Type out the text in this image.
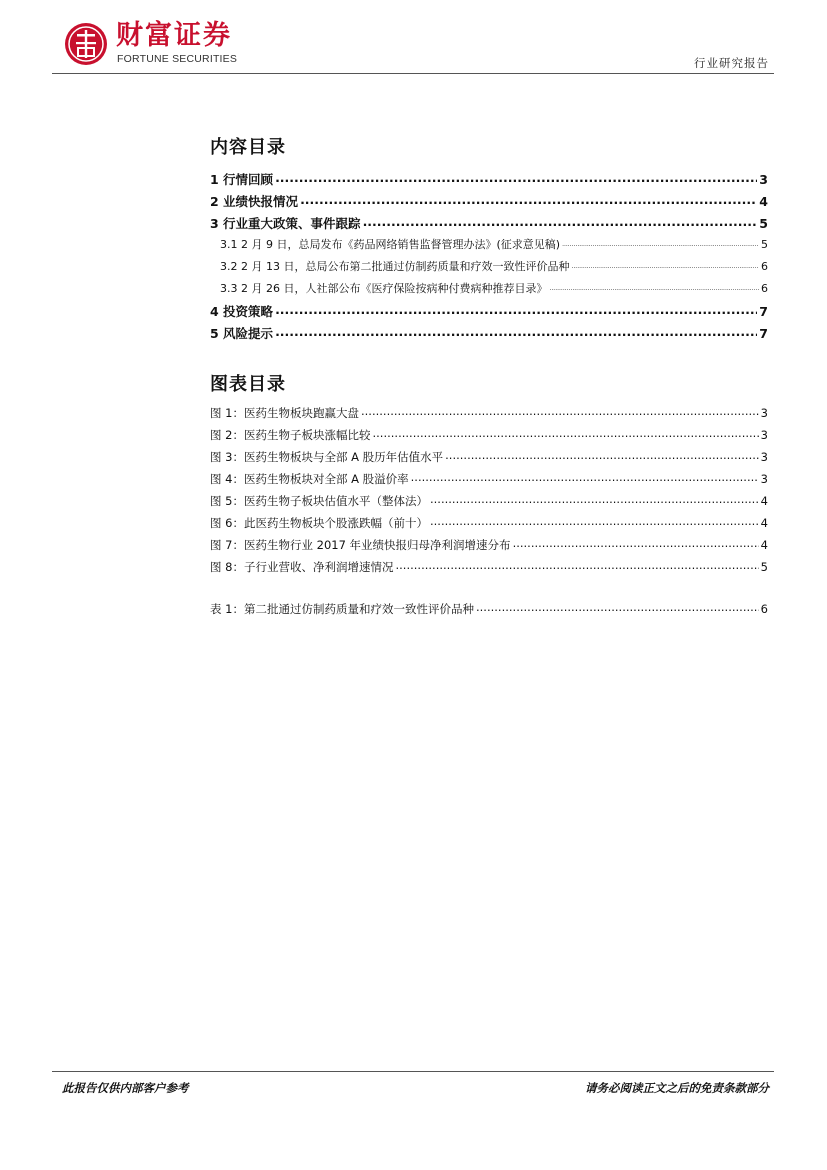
财富证券
FORTUNE SECURITIES	行业研究报告
内容目录
1 行情回顾 .....	3
2 业绩快报情况 .....	4
3 行业重大政策、事件跟踪 .....	5
3.1 2 月 9 日，总局发布《药品网络销售监督管理办法》(征求意见稿) .....	5
3.2 2 月 13 日，总局公布第二批通过仿制药质量和疗效一致性评价品种 .....	6
3.3 2 月 26 日，人社部公布《医疗保险按病种付费病种推荐目录》 .....	6
4 投资策略 .....	7
5 风险提示 .....	7
图表目录
图 1：医药生物板块跑赢大盘 .....	3
图 2：医药生物子板块涨幅比较 .....	3
图 3：医药生物板块与全部 A 股历年估值水平 .....	3
图 4：医药生物板块对全部 A 股溢价率 .....	3
图 5：医药生物子板块估值水平（整体法） .....	4
图 6：此医药生物板块个股涨跌幅（前十） .....	4
图 7：医药生物行业 2017 年业绩快报归母净利润增速分布 .....	4
图 8：子行业营收、净利润增速情况 .....	5
表 1：第二批通过仿制药质量和疗效一致性评价品种 .....	6
此报告仅供内部客户参考	请务必阅读正文之后的免责条款部分
